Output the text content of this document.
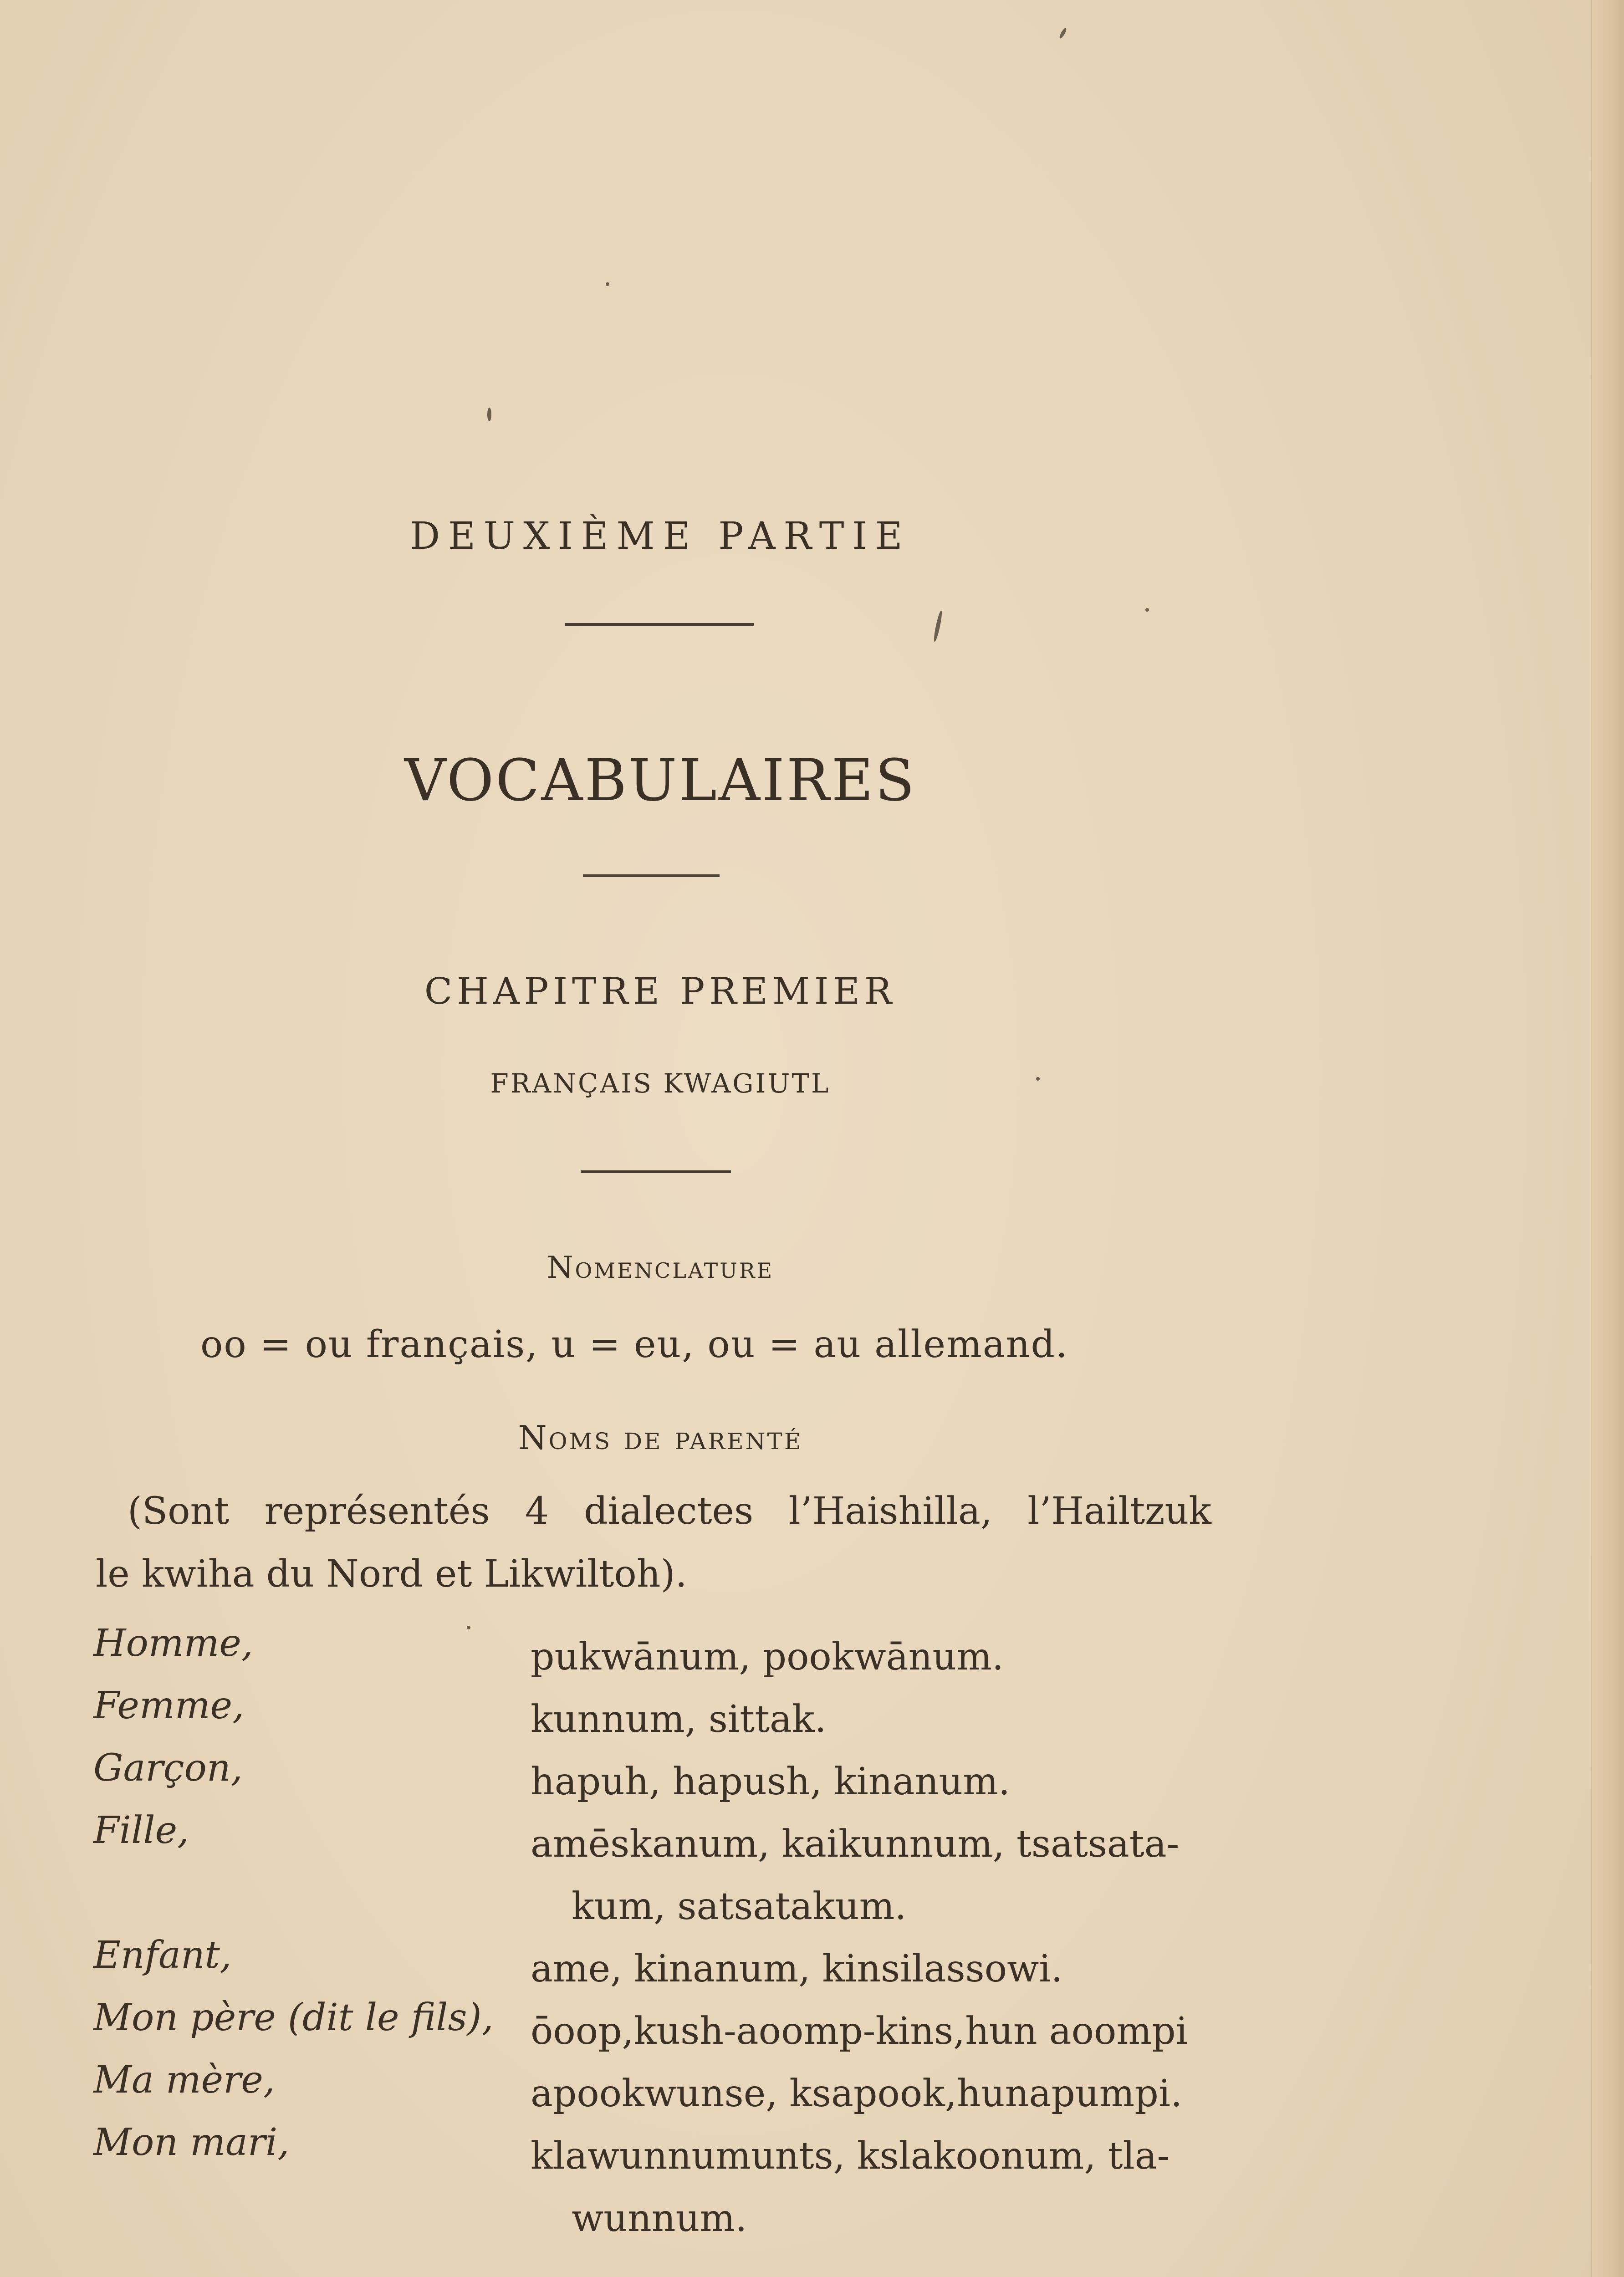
DEUXIÈME PARTIE
VOCABULAIRES
CHAPITRE PREMIER
FRANÇAIS KWAGIUTL
Nomenclature
oo = ou français, u = eu, ou = au allemand.
Noms de parenté
(Sont représentés 4 dialectes l’Haishilla, l’Hailtzuk
le kwiha du Nord et Likwiltoh).
Homme,	pukwānum, pookwānum.
Femme,	kunnum, sittak.
Garçon,	hapuh, hapush, kinanum.
Fille,	amēskanum, kaikunnum, tsatsata-
kum, satsatakum.
Enfant,	ame, kinanum, kinsilassowi.
Mon père (dit le fils), ōoop,kush-aoomp-kins,hun aoompi
Ma mère,	apookwunse, ksapook,hunapumpi.
Mon mari,	klawunnumunts, kslakoonum, tla-
wunnum.
